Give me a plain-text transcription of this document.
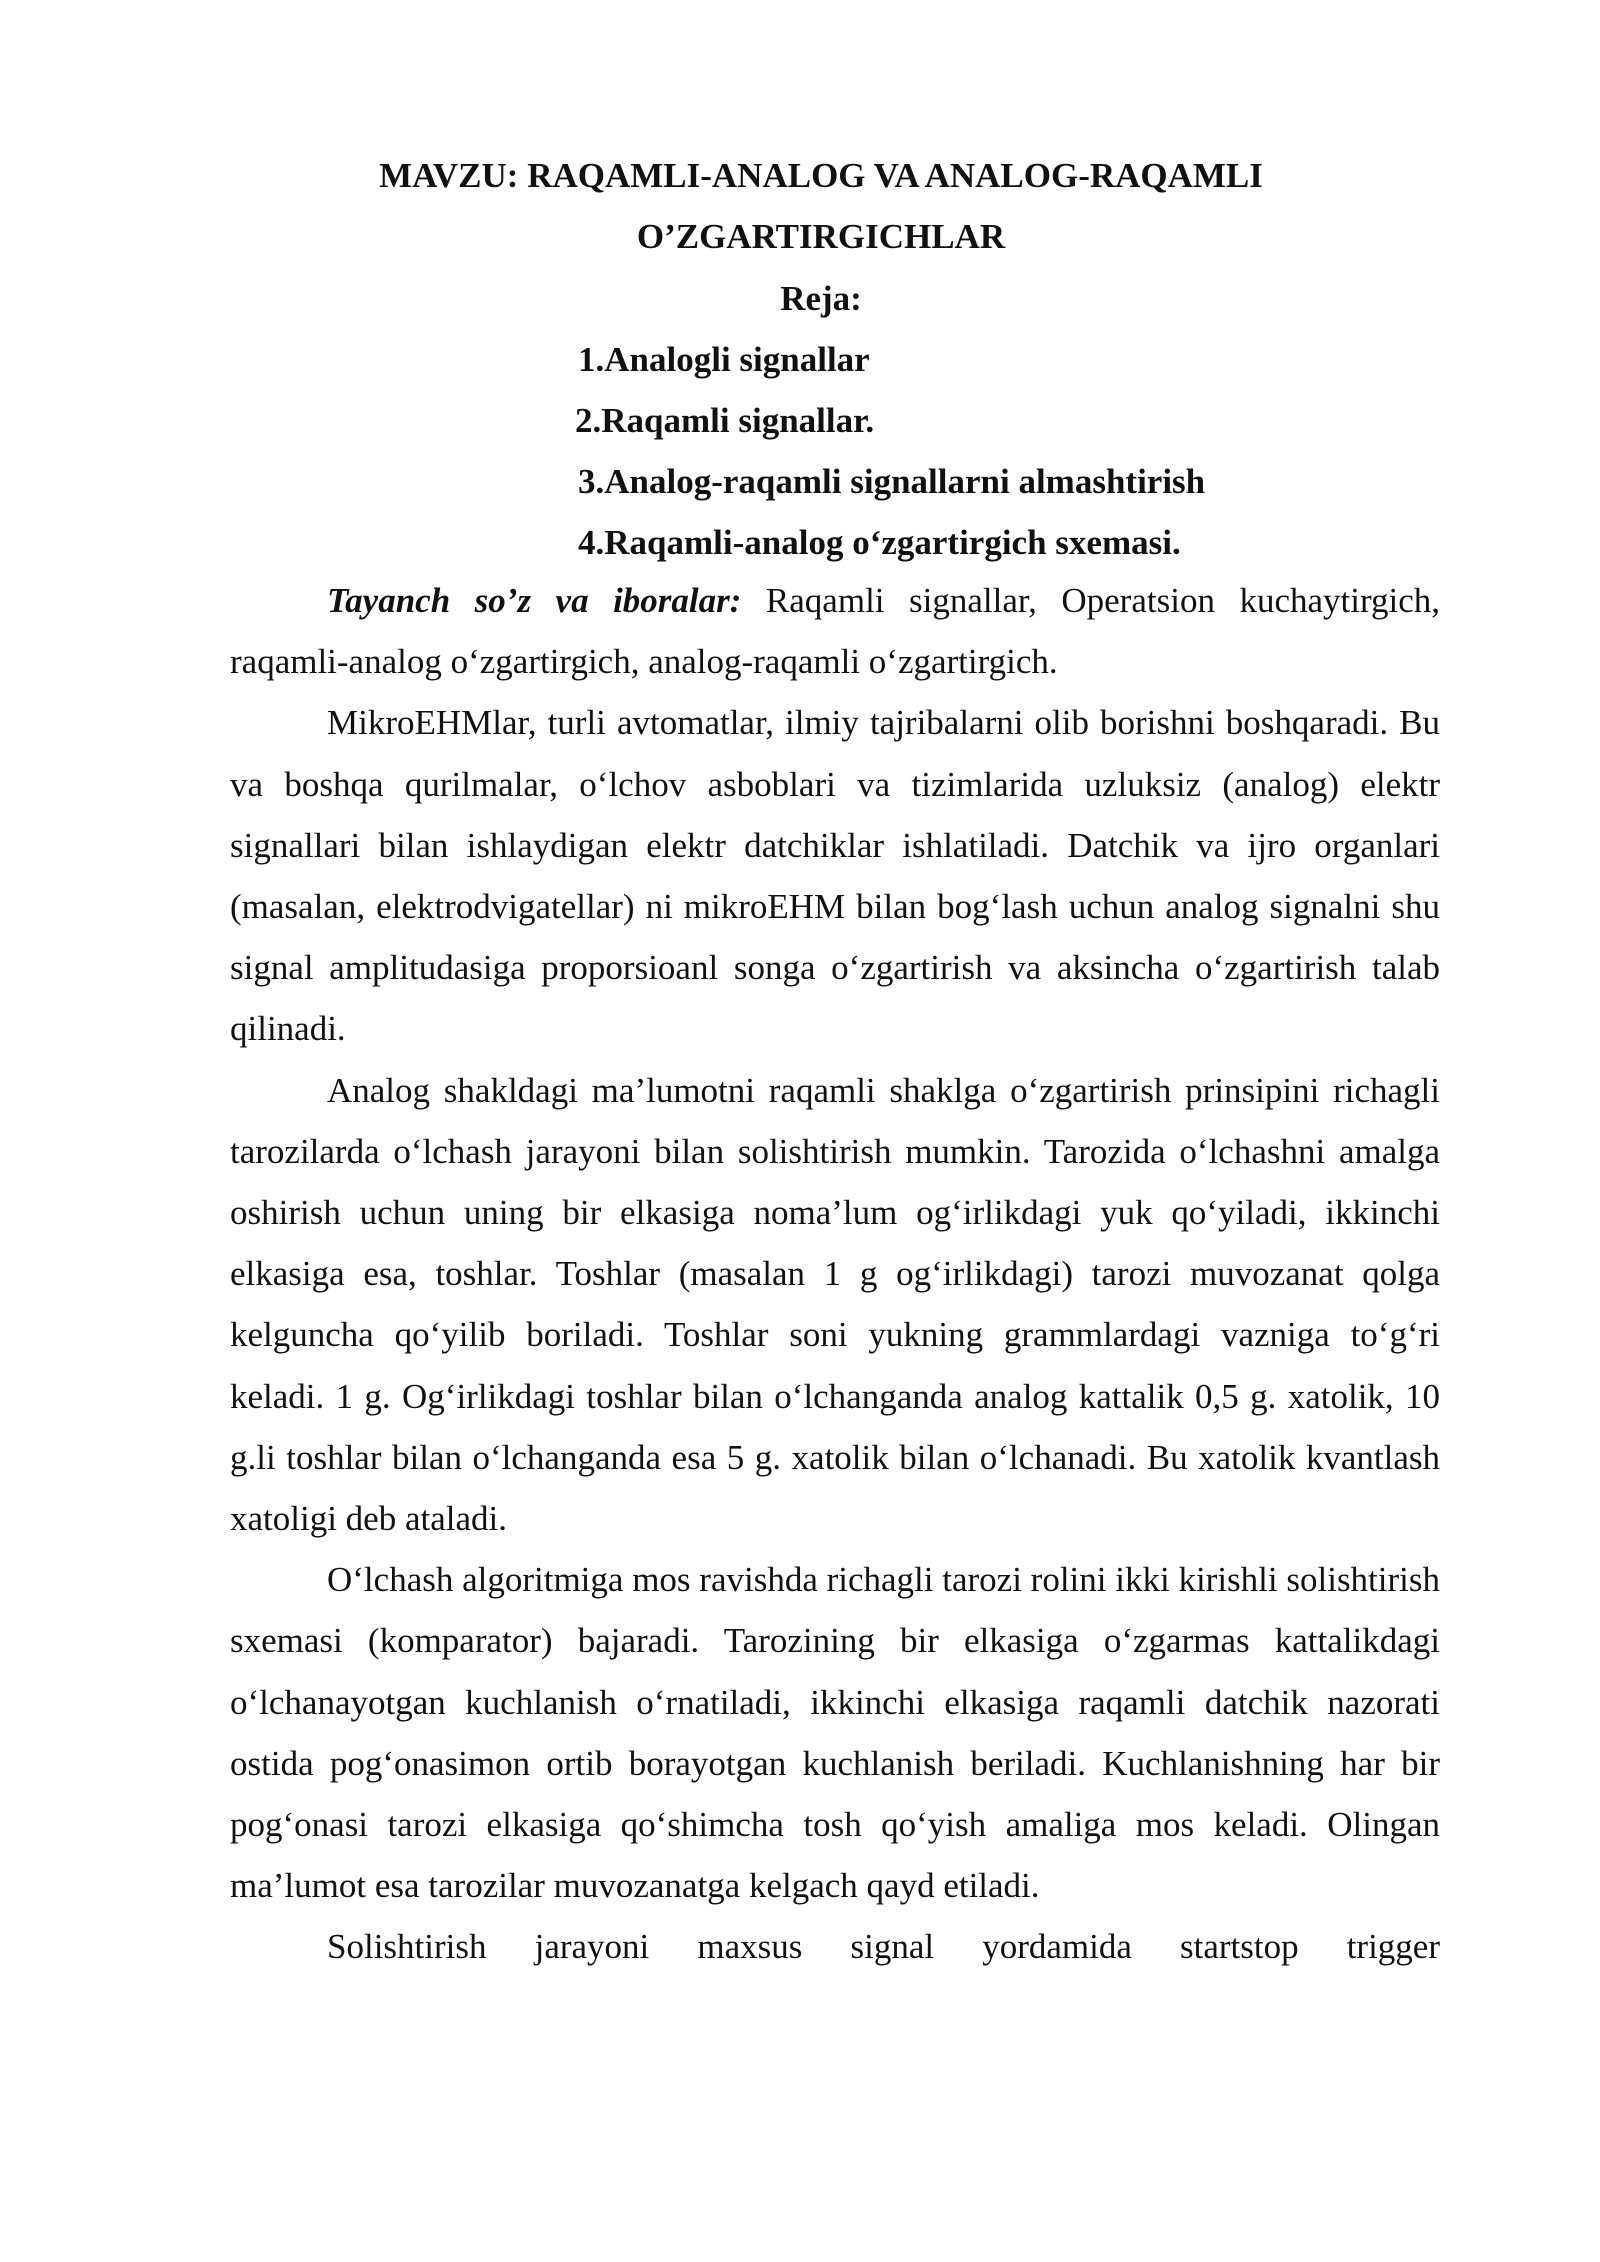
MAVZU: RAQAMLI-ANALOG VA ANALOG-RAQAMLI
O’ZGARTIRGICHLAR
Reja:
1.Analogli signallar
2.Raqamli signallar.
3.Analog-raqamli signallarni almashtirish
4.Raqamli-analog o‘zgartirgich sxemasi.

Tayanch so’z va iboralar: Raqamli signallar, Operatsion kuchaytirgich, raqamli-analog o‘zgartirgich, analog-raqamli o‘zgartirgich.

MikroEHMlar, turli avtomatlar, ilmiy tajribalarni olib borishni boshqaradi. Bu va boshqa qurilmalar, o‘lchov asboblari va tizimlarida uzluksiz (analog) elektr signallari bilan ishlaydigan elektr datchiklar ishlatiladi. Datchik va ijro organlari (masalan, elektrodvigatellar) ni mikroEHM bilan bog‘lash uchun analog signalni shu signal amplitudasiga proporsioanl songa o‘zgartirish va aksincha o‘zgartirish talab qilinadi.

Analog shakldagi ma’lumotni raqamli shaklga o‘zgartirish prinsipini richagli tarozilarda o‘lchash jarayoni bilan solishtirish mumkin. Tarozida o‘lchashni amalga oshirish uchun uning bir elkasiga noma’lum og‘irlikdagi yuk qo‘yiladi, ikkinchi elkasiga esa, toshlar. Toshlar (masalan 1 g og‘irlikdagi) tarozi muvozanat qolga kelguncha qo‘yilib boriladi. Toshlar soni yukning grammlardagi vazniga to‘g‘ri keladi. 1 g. Og‘irlikdagi toshlar bilan o‘lchanganda analog kattalik 0,5 g. xatolik, 10 g.li toshlar bilan o‘lchanganda esa 5 g. xatolik bilan o‘lchanadi. Bu xatolik kvantlash xatoligi deb ataladi.

O‘lchash algoritmiga mos ravishda richagli tarozi rolini ikki kirishli solishtirish sxemasi (komparator) bajaradi. Tarozining bir elkasiga o‘zgarmas kattalikdagi o‘lchanayotgan kuchlanish o‘rnatiladi, ikkinchi elkasiga raqamli datchik nazorati ostida pog‘onasimon ortib borayotgan kuchlanish beriladi. Kuchlanishning har bir pog‘onasi tarozi elkasiga qo‘shimcha tosh qo‘yish amaliga mos keladi. Olingan ma’lumot esa tarozilar muvozanatga kelgach qayd etiladi.

Solishtirish jarayoni maxsus signal yordamida startstop trigger
